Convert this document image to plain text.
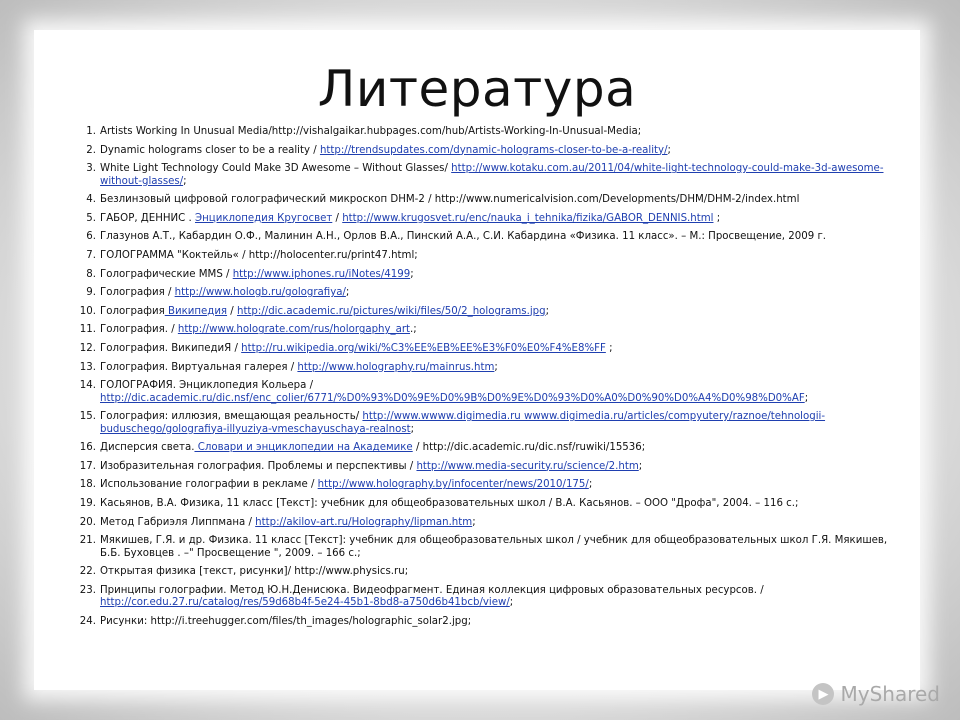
Литература
1. Artists Working In Unusual Media/http://vishalgaikar.hubpages.com/hub/Artists-Working-In-Unusual-Media;
2. Dynamic holograms closer to be a reality / http://trendsupdates.com/dynamic-holograms-closer-to-be-a-reality/;
3. White Light Technology Could Make 3D Awesome – Without Glasses/ http://www.kotaku.com.au/2011/04/white-light-technology-could-make-3d-awesome-without-glasses/;
4. Безлинзовый цифровой голографический микроскоп DHM-2 / http://www.numericalvision.com/Developments/DHM/DHM-2/index.html
5. ГАБОР, ДЕННИС . Энциклопедия Кругосвет / http://www.krugosvet.ru/enc/nauka_i_tehnika/fizika/GABOR_DENNIS.html ;
6. Глазунов А.Т., Кабардин О.Ф., Малинин А.Н., Орлов В.А., Пинский А.А., С.И. Кабардина «Физика. 11 класс». – М.: Просвещение, 2009 г.
7. ГОЛОГРАММА "Коктейль« / http://holocenter.ru/print47.html;
8. Голографические MMS / http://www.iphones.ru/iNotes/4199;
9. Голография / http://www.hologb.ru/golografiya/;
10. Голография Википедия / http://dic.academic.ru/pictures/wiki/files/50/2_holograms.jpg;
11. Голография. / http://www.holograte.com/rus/holorgaphy_art.;
12. Голография. ВикипедиЯ / http://ru.wikipedia.org/wiki/%C3%EE%EB%EE%E3%F0%E0%F4%E8%FF ;
13. Голография. Виртуальная галерея / http://www.holography.ru/mainrus.htm;
14. ГОЛОГРАФИЯ. Энциклопедия Кольера / http://dic.academic.ru/dic.nsf/enc_colier/6771/%D0%93%D0%9E%D0%9B%D0%9E%D0%93%D0%A0%D0%90%D0%A4%D0%98%D0%AF;
15. Голография: иллюзия, вмещающая реальность/ http://www.wwww.digimedia.ru wwww.digimedia.ru/articles/compyutery/raznoe/tehnologii-buduschego/golografiya-illyuziya-vmeschayuschaya-realnost;
16. Дисперсия света. Словари и энциклопедии на Академике / http://dic.academic.ru/dic.nsf/ruwiki/15536;
17. Изобразительная голография. Проблемы и перспективы / http://www.media-security.ru/science/2.htm;
18. Использование голографии в рекламе / http://www.holography.by/infocenter/news/2010/175/;
19. Касьянов, В.А. Физика, 11 класс [Текст]: учебник для общеобразовательных школ / В.А. Касьянов. – ООО "Дрофа", 2004. – 116 с.;
20. Метод Габриэля Липпмана / http://akilov-art.ru/Holography/lipman.htm;
21. Мякишев, Г.Я. и др. Физика. 11 класс [Текст]: учебник для общеобразовательных школ / учебник для общеобразовательных школ Г.Я. Мякишев, Б.Б. Буховцев . –" Просвещение ", 2009. – 166 с.;
22. Открытая физика [текст, рисунки]/ http://www.physics.ru;
23. Принципы голографии. Метод Ю.Н.Денисюка. Видеофрагмент. Единая коллекция цифровых образовательных ресурсов. / http://cor.edu.27.ru/catalog/res/59d68b4f-5e24-45b1-8bd8-a750d6b41bcb/view/;
24. Рисунки: http://i.treehugger.com/files/th_images/holographic_solar2.jpg;
▶ MyShared
